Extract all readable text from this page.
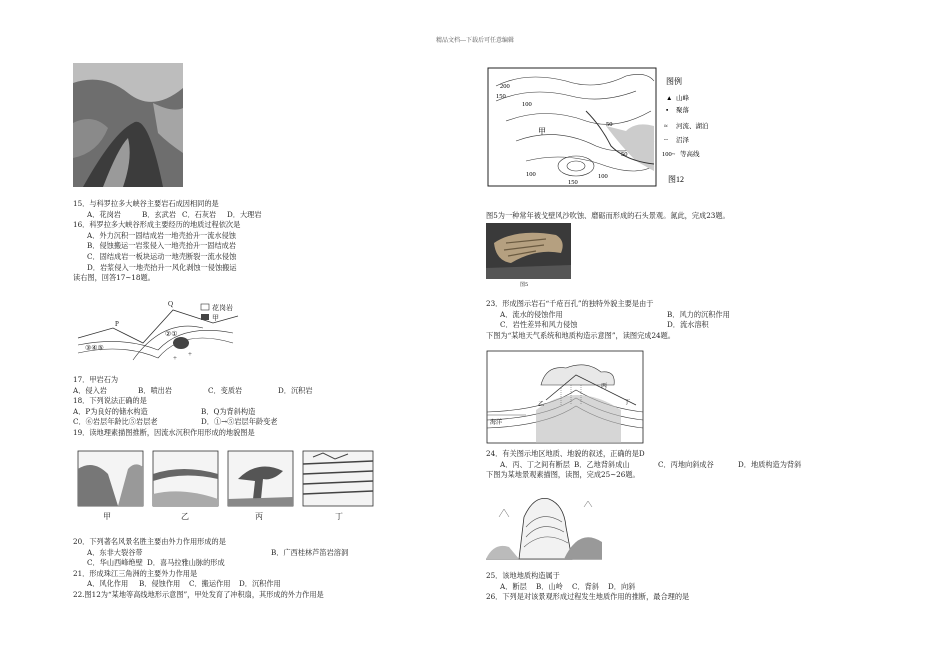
精品文档---下载后可任意编辑

15．与科罗拉多大峡谷主要岩石成因相同的是

A．花岗岩	B．玄武岩 C．石灰岩	D．大理岩

16．科罗拉多大峡谷形成主要经历的地质过程依次是

A．外力沉积一固结成岩一地壳抬升一流水侵蚀

B．侵蚀搬运一岩浆侵入一地壳抬升一固结成岩

C．固结成岩一板块运动一地壳断裂一流水侵蚀

D．岩浆侵入一地壳抬升一风化剥蚀一侵蚀搬运

读右图，回答17~18题。

+
+
Q
P
③④⑤
②①
花岗岩
甲

17．甲岩石为

A．侵入岩	B．喷出岩	C．变质岩	D．沉积岩

18．下列说法正确的是

A．P为良好的储水构造	B．Q为背斜构造

C．⑥岩层年龄比⑤岩层老	D．①→⑤岩层年龄变老

19．读地理素描图推断，因流水沉积作用形成的地貌图是

甲	乙	丙	丁

20．下列著名风景名胜主要由外力作用形成的是

A．东非大裂谷带	B．广西桂林芦笛岩溶洞

C．华山西峰绝壁 D．喜马拉雅山脉的形成

21．形成珠江三角洲的主要外力作用是

A．风化作用	B．侵蚀作用	C．搬运作用	D．沉积作用

22.图12为“某地等高线地形示意图”，甲处发育了冲积扇，其形成的外力作用是

200
150
100
50
50
150
100
100
甲
图例
▲ 山峰
▪ 聚落
≈ 河流、湖泊
┄ 沼泽
100~ 等高线
图12

图5为一种常年被戈壁风沙吹蚀、磨砺而形成的石头景观。氮此，完成23题。

图5

23．形成图示岩石“千疮百孔”的独特外貌主要是由于

A．流水的侵蚀作用	B．风力的沉积作用

C．岩性差异和风力侵蚀	D．流水溶积

下图为“某地天气系统和地质构造示意图”，读图完成24题。

丙
丁
乙
海洋

24．有关图示地区地质、地貌的叙述，正确的是D

A．丙、丁之间有断层 B．乙地背斜成山	C．丙地向斜成谷	D．地质构造为背斜

下图为某地景观素描图，读图，完成25~26题。

25．该地地质构造属于

A．断层	B．山岭	C．背斜	D．向斜

26．下列是对该景观形成过程发生地质作用的推断，最合理的是
